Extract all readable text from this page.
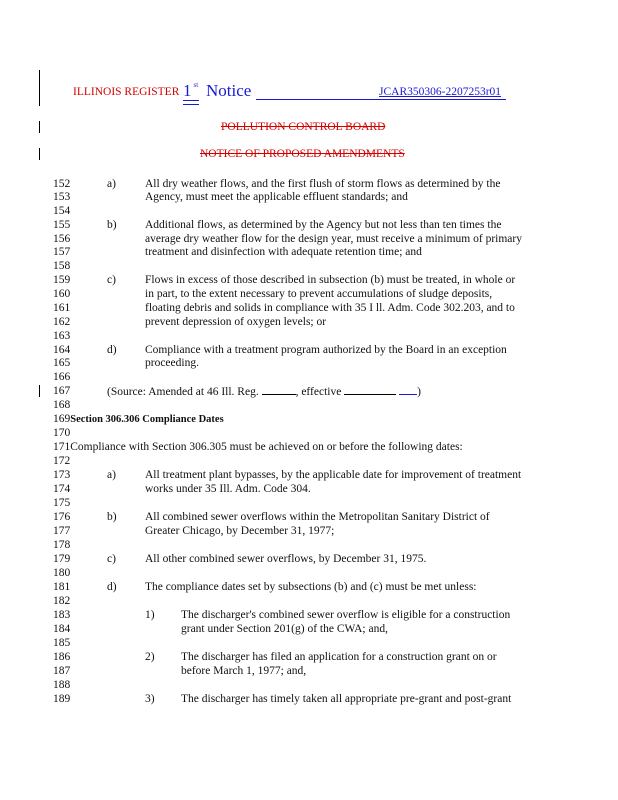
ILLINOIS REGISTER 1 $^{st}$ Notice	JCAR350306-2207253r01
POLLUTION CONTROL BOARD
NOTICE OF PROPOSED AMENDMENTS
152	a)	All dry weather flows, and the first flush of storm flows as determined by the
153	Agency, must meet the applicable effluent standards; and
154
155	b) Additional flows, as determined by the Agency but not less than ten times the
156	average dry weather flow for the design year, must receive a minimum of primary
157	treatment and disinfection with adequate retention time; and
158
159	c)	Flows in excess of those described in subsection (b) must be treated, in whole or
160	in part, to the extent necessary to prevent accumulations of sludge deposits,
161	floating debris and solids in compliance with 35 I ll. Adm. Code 302.203, and to
162	prevent depression of oxygen levels; or
163
164	d) Compliance with a treatment program authorized by the Board in an exception
165	proceeding.
166
167	(Source: Amended at 46 Ill. Reg.	, effective	)
168
169Section 306.306 Compliance Dates
170
171Compliance with Section 306.305 must be achieved on or before the following dates:
172
173	a)	All treatment plant bypasses, by the applicable date for improvement of treatment
174	works under 35 Ill. Adm. Code 304.
175
176	b) All combined sewer overflows within the Metropolitan Sanitary District of
177	Greater Chicago, by December 31, 1977;
178
179	c)	All other combined sewer overflows, by December 31, 1975.
180
181	d) The compliance dates set by subsections (b) and (c) must be met unless:
182
183	1) The discharger's combined sewer overflow is eligible for a construction
184	grant under Section 201(g) of the CWA; and,
185
186	2) The discharger has filed an application for a construction grant on or
187	before March 1, 1977; and,
188
189	3) The discharger has timely taken all appropriate pre-grant and post-grant
